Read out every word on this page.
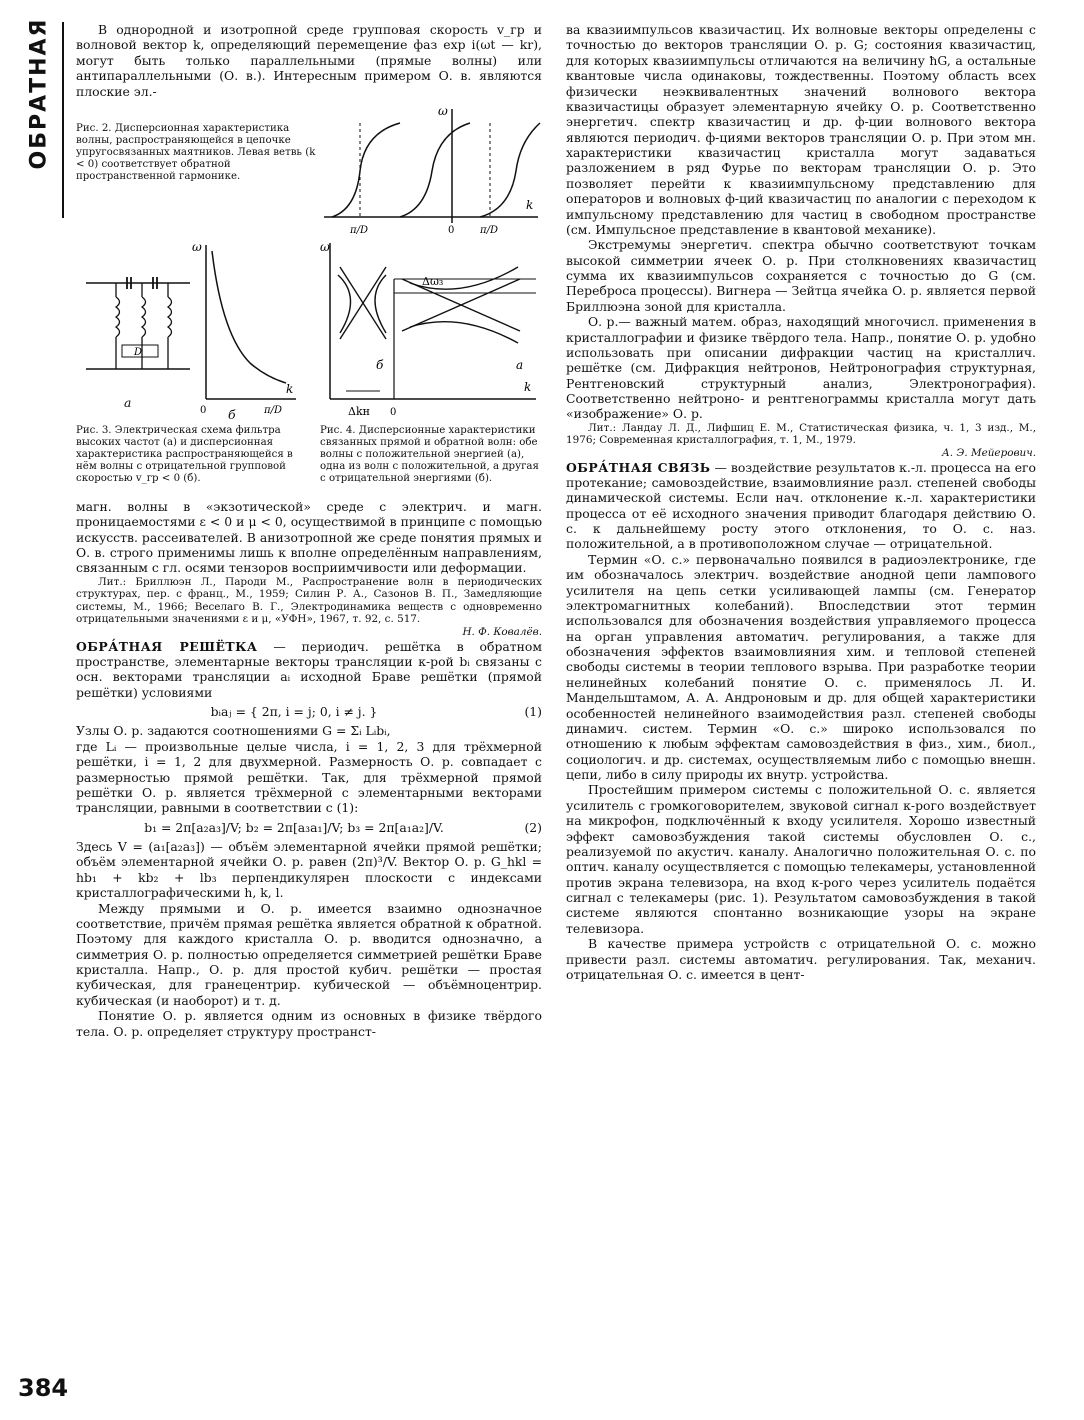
ОБРАТНАЯ	В однородной и изотропной среде групповая скорость v_гр и волновой вектор k, определяющий перемещение фаз exp i(ωt — kr), могут быть только параллельными (прямые волны) или антипараллельными (О. в.). Интересным примером О. в. являются плоские эл.-

Рис. 2. Дисперсионная характеристика волны, распространяющейся в цепочке упругосвязанных маятников. Левая ветвь (k < 0) соответствует обратной пространственной гармонике.
ω
k
π/D	0	π/D
D
а
ω
k
0	π/D
б
ω
Δω₃
б	а
k
Δkн 0
Рис. 3. Электрическая схема фильтра высоких частот (а) и дисперсионная характеристика распространяющейся в нём волны с отрицательной групповой скоростью v_гр < 0 (б).
Рис. 4. Дисперсионные характеристики связанных прямой и обратной волн: обе волны с положительной энергией (а), одна из волн с положительной, а другая с отрицательной энергиями (б).

магн. волны в «экзотической» среде с электрич. и магн. проницаемостями ε < 0 и μ < 0, осуществимой в принципе с помощью искусств. рассеивателей. В анизотропной же среде понятия прямых и О. в. строго применимы лишь к вполне определённым направлениям, связанным с гл. осями тензоров восприимчивости или деформации.

Лит.: Бриллюэн Л., Пароди М., Распространение волн в периодических структурах, пер. с франц., М., 1959; Силин Р. А., Сазонов В. П., Замедляющие системы, М., 1966; Веселаго В. Г., Электродинамика веществ с одновременно отрицательными значениями ε и μ, «УФН», 1967, т. 92, с. 517.

Н. Ф. Ковалёв.

ОБРА́ТНАЯ РЕШЁТКА — периодич. решётка в обратном пространстве, элементарные векторы трансляции к-рой bᵢ связаны с осн. векторами трансляции aᵢ исходной Браве решётки (прямой решётки) условиями

bᵢaⱼ = { 2π, i = j; 0, i ≠ j. }	(1)

Узлы О. р. задаются соотношениями G = Σᵢ Lᵢbᵢ,

где Lᵢ — произвольные целые числа, i = 1, 2, 3 для трёхмерной решётки, i = 1, 2 для двухмерной. Размерность О. р. совпадает с размерностью прямой решётки. Так, для трёхмерной прямой решётки О. р. является трёхмерной с элементарными векторами трансляции, равными в соответствии с (1):

b₁ = 2π[a₂a₃]/V; b₂ = 2π[a₃a₁]/V; b₃ = 2π[a₁a₂]/V.	(2)

Здесь V = (a₁[a₂a₃]) — объём элементарной ячейки прямой решётки; объём элементарной ячейки О. р. равен (2π)³/V. Вектор О. р. G_hkl = hb₁ + kb₂ + lb₃ перпендикулярен плоскости с индексами кристаллографическими h, k, l.

Между прямыми и О. р. имеется взаимно однозначное соответствие, причём прямая решётка является обратной к обратной. Поэтому для каждого кристалла О. р. вводится однозначно, а симметрия О. р. полностью определяется симметрией решётки Браве кристалла. Напр., О. р. для простой кубич. решётки — простая кубическая, для гранецентрир. кубической — объёмноцентрир. кубическая (и наоборот) и т. д.

Понятие О. р. является одним из основных в физике твёрдого тела. О. р. определяет структуру пространст-

ва квазиимпульсов квазичастиц. Их волновые векторы определены с точностью до векторов трансляции О. р. G; состояния квазичастиц, для которых квазиимпульсы отличаются на величину ħG, а остальные квантовые числа одинаковы, тождественны. Поэтому область всех физически неэквивалентных значений волнового вектора квазичастицы образует элементарную ячейку О. р. Соответственно энергетич. спектр квазичастиц и др. ф-ции волнового вектора являются периодич. ф-циями векторов трансляции О. р. При этом мн. характеристики квазичастиц кристалла могут задаваться разложением в ряд Фурье по векторам трансляции О. р. Это позволяет перейти к квазиимпульсному представлению для операторов и волновых ф-ций квазичастиц по аналогии с переходом к импульсному представлению для частиц в свободном пространстве (см. Импульсное представление в квантовой механике).

Экстремумы энергетич. спектра обычно соответствуют точкам высокой симметрии ячеек О. р. При столкновениях квазичастиц сумма их квазиимпульсов сохраняется с точностью до G (см. Переброса процессы). Вигнера — Зейтца ячейка О. р. является первой Бриллюэна зоной для кристалла.

О. р.— важный матем. образ, находящий многочисл. применения в кристаллографии и физике твёрдого тела. Напр., понятие О. р. удобно использовать при описании дифракции частиц на кристаллич. решётке (см. Дифракция нейтронов, Нейтронография структурная, Рентгеновский структурный анализ, Электронография). Соответственно нейтроно- и рентгенограммы кристалла могут дать «изображение» О. р.

Лит.: Ландау Л. Д., Лифшиц Е. М., Статистическая физика, ч. 1, 3 изд., М., 1976; Современная кристаллография, т. 1, М., 1979.

А. Э. Мейерович.

ОБРА́ТНАЯ СВЯЗЬ — воздействие результатов к.-л. процесса на его протекание; самовоздействие, взаимовлияние разл. степеней свободы динамической системы. Если нач. отклонение к.-л. характеристики процесса от её исходного значения приводит благодаря действию О. с. к дальнейшему росту этого отклонения, то О. с. наз. положительной, а в противоположном случае — отрицательной.

Термин «О. с.» первоначально появился в радиоэлектронике, где им обозначалось электрич. воздействие анодной цепи лампового усилителя на цепь сетки усиливающей лампы (см. Генератор электромагнитных колебаний). Впоследствии этот термин использовался для обозначения воздействия управляемого процесса на орган управления автоматич. регулирования, а также для обозначения эффектов взаимовлияния хим. и тепловой степеней свободы системы в теории теплового взрыва. При разработке теории нелинейных колебаний понятие О. с. применялось Л. И. Мандельштамом, А. А. Андроновым и др. для общей характеристики особенностей нелинейного взаимодействия разл. степеней свободы динамич. систем. Термин «О. с.» широко использовался по отношению к любым эффектам самовоздействия в физ., хим., биол., социологич. и др. системах, осуществляемым либо с помощью внешн. цепи, либо в силу природы их внутр. устройства.

Простейшим примером системы с положительной О. с. является усилитель с громкоговорителем, звуковой сигнал к-рого воздействует на микрофон, подключённый к входу усилителя. Хорошо известный эффект самовозбуждения такой системы обусловлен О. с., реализуемой по акустич. каналу. Аналогично положительная О. с. по оптич. каналу осуществляется с помощью телекамеры, установленной против экрана телевизора, на вход к-рого через усилитель подаётся сигнал с телекамеры (рис. 1). Результатом самовозбуждения в такой системе являются спонтанно возникающие узоры на экране телевизора.

В качестве примера устройств с отрицательной О. с. можно привести разл. системы автоматич. регулирования. Так, механич. отрицательная О. с. имеется в цент-

384
